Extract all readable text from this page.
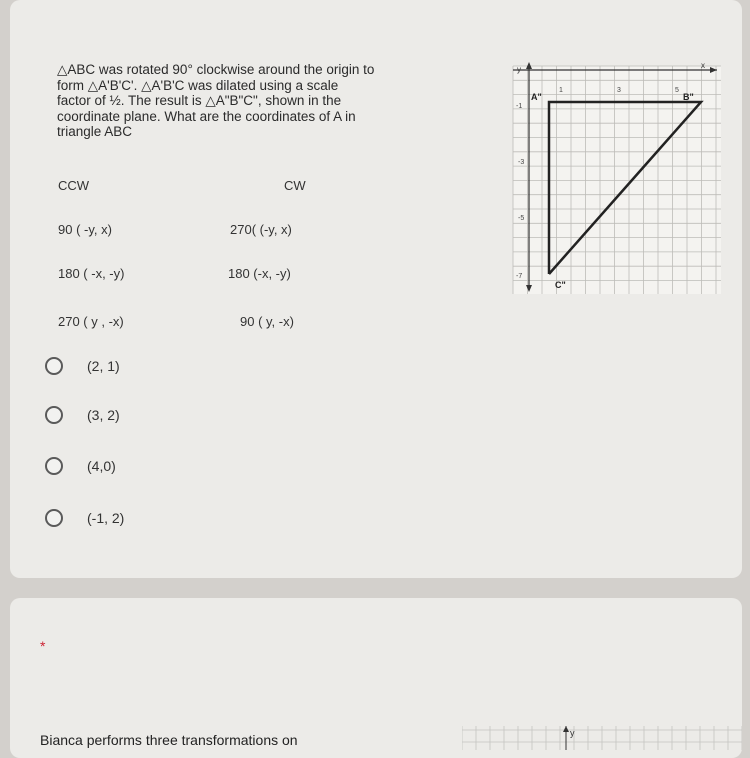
△ABC was rotated 90° clockwise around the origin to
form △A'B'C'. △A'B'C was dilated using a scale
factor of ½. The result is △A"B"C", shown in the
coordinate plane. What are the coordinates of A in
triangle ABC
CCW	CW
90 ( -y, x)	270( (-y, x)
180 ( -x, -y)	180 (-x, -y)
270 ( y , -x)	90 ( y, -x)
(2, 1)
(3, 2)
(4,0)
(-1, 2)
x
y
1	3	5
-1
-3
-5
-7
A"	B"
C"
*
Bianca performs three transformations on	y
